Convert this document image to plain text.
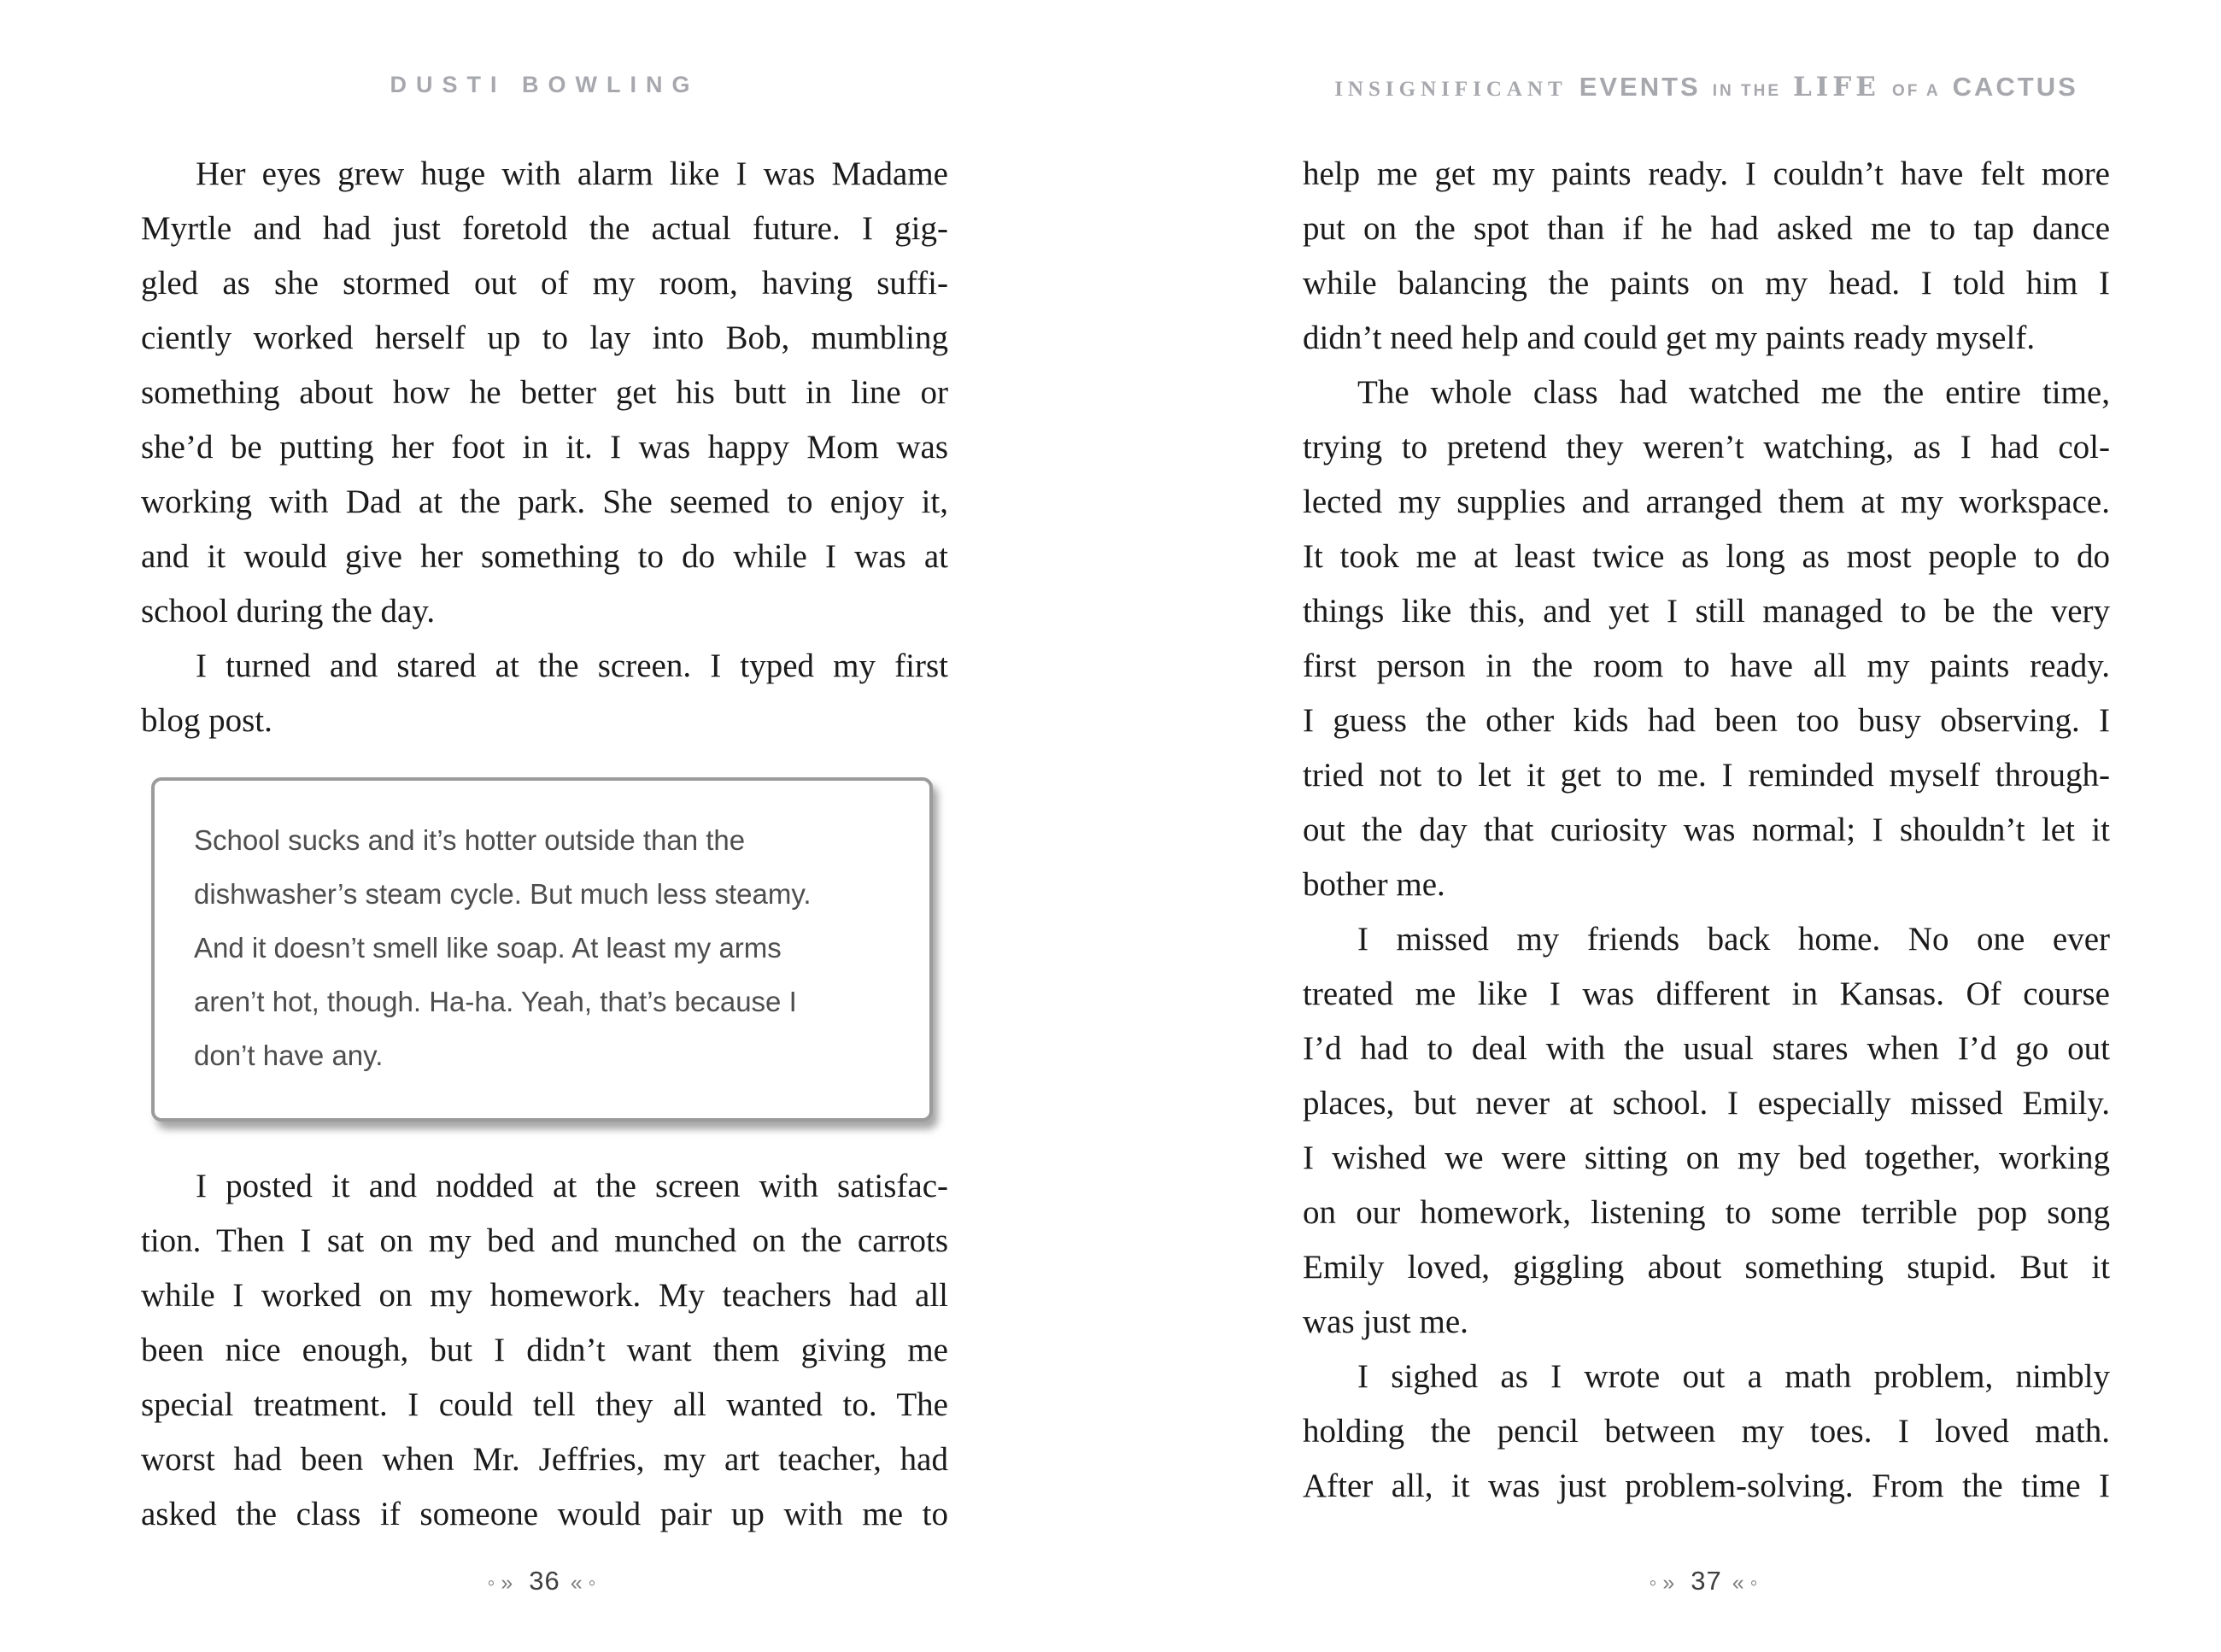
DUSTI BOWLING
Her eyes grew huge with alarm like I was Madame
Myrtle and had just foretold the actual future. I gig-
gled as she stormed out of my room, having suffi-
ciently worked herself up to lay into Bob, mumbling
something about how he better get his butt in line or
she’d be putting her foot in it. I was happy Mom was
working with Dad at the park. She seemed to enjoy it,
and it would give her something to do while I was at
school during the day.
I turned and stared at the screen. I typed my first
blog post.
School sucks and it’s hotter outside than the
dishwasher’s steam cycle. But much less steamy.
And it doesn’t smell like soap. At least my arms
aren’t hot, though. Ha-ha. Yeah, that’s because I
don’t have any.
I posted it and nodded at the screen with satisfac-
tion. Then I sat on my bed and munched on the carrots
while I worked on my homework. My teachers had all
been nice enough, but I didn’t want them giving me
special treatment. I could tell they all wanted to. The
worst had been when Mr. Jeffries, my art teacher, had
asked the class if someone would pair up with me to
◦» 36 «◦
INSIGNIFICANT EVENTS IN THE LIFE OF A CACTUS
help me get my paints ready. I couldn’t have felt more
put on the spot than if he had asked me to tap dance
while balancing the paints on my head. I told him I
didn’t need help and could get my paints ready myself.
The whole class had watched me the entire time,
trying to pretend they weren’t watching, as I had col-
lected my supplies and arranged them at my workspace.
It took me at least twice as long as most people to do
things like this, and yet I still managed to be the very
first person in the room to have all my paints ready.
I guess the other kids had been too busy observing. I
tried not to let it get to me. I reminded myself through-
out the day that curiosity was normal; I shouldn’t let it
bother me.
I missed my friends back home. No one ever
treated me like I was different in Kansas. Of course
I’d had to deal with the usual stares when I’d go out
places, but never at school. I especially missed Emily.
I wished we were sitting on my bed together, working
on our homework, listening to some terrible pop song
Emily loved, giggling about something stupid. But it
was just me.
I sighed as I wrote out a math problem, nimbly
holding the pencil between my toes. I loved math.
After all, it was just problem-solving. From the time I
◦» 37 «◦
